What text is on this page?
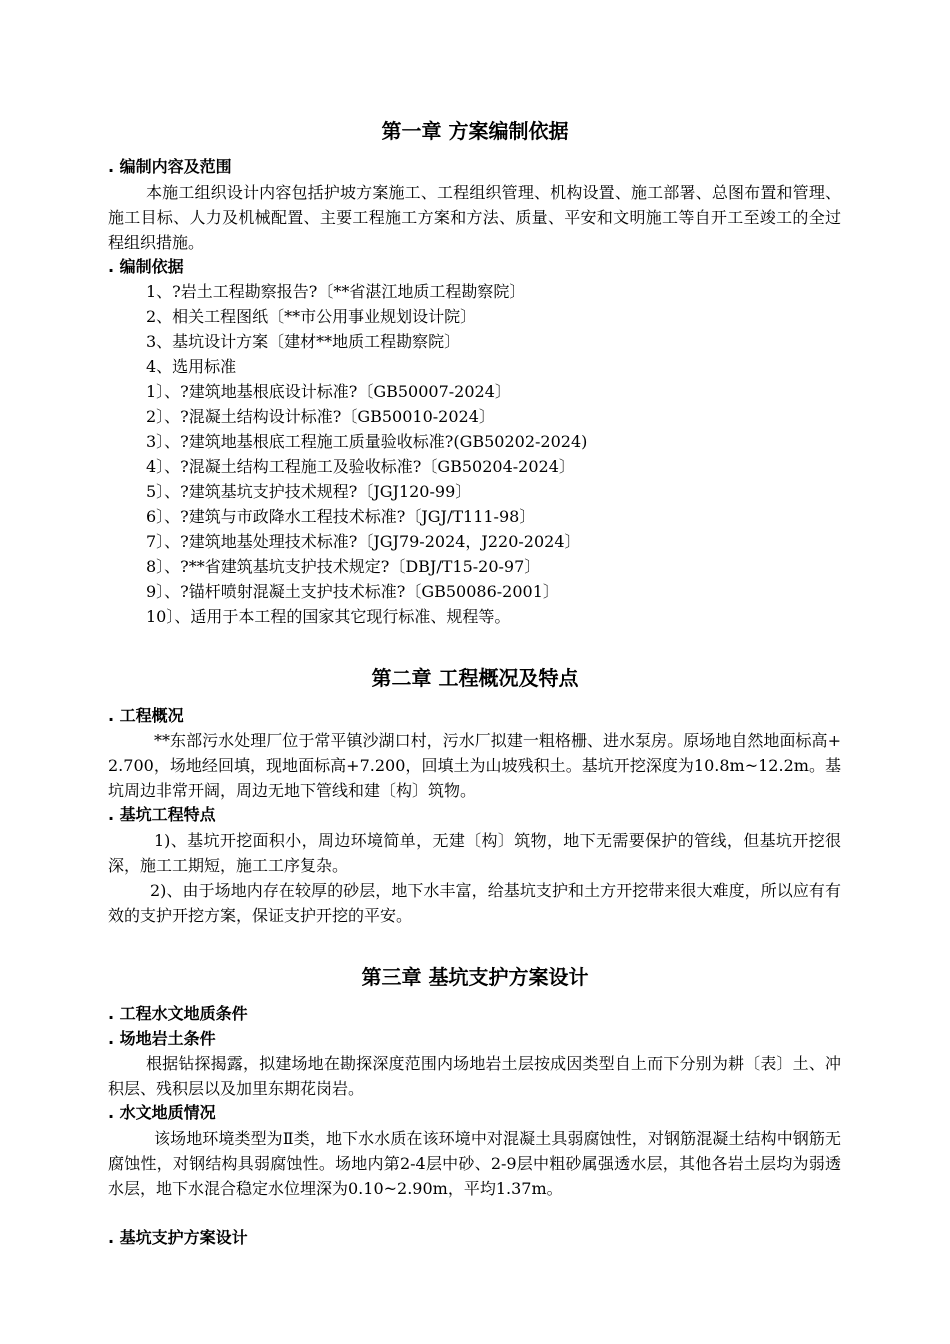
第一章 方案编制依据
. 编制内容及范围

本施工组织设计内容包括护坡方案施工、工程组织管理、机构设置、施工部署、总图布置和管理、施工目标、人力及机械配置、主要工程施工方案和方法、质量、平安和文明施工等自开工至竣工的全过程组织措施。

. 编制依据
1、?岩土工程勘察报告?〔**省湛江地质工程勘察院〕
2、相关工程图纸〔**市公用事业规划设计院〕
3、基坑设计方案〔建材**地质工程勘察院〕
4、选用标准
1〕、?建筑地基根底设计标准?〔GB50007-2024〕
2〕、?混凝土结构设计标准?〔GB50010-2024〕
3〕、?建筑地基根底工程施工质量验收标准?(GB50202-2024)
4〕、?混凝土结构工程施工及验收标准?〔GB50204-2024〕
5〕、?建筑基坑支护技术规程?〔JGJ120-99〕
6〕、?建筑与市政降水工程技术标准?〔JGJ/T111-98〕
7〕、?建筑地基处理技术标准?〔JGJ79-2024，J220-2024〕
8〕、?**省建筑基坑支护技术规定?〔DBJ/T15-20-97〕
9〕、?锚杆喷射混凝土支护技术标准?〔GB50086-2001〕
10〕、适用于本工程的国家其它现行标准、规程等。
第二章 工程概况及特点
. 工程概况

**东部污水处理厂位于常平镇沙湖口村，污水厂拟建一粗格栅、进水泵房。原场地自然地面标高+2.700，场地经回填，现地面标高+7.200，回填土为山坡残积土。基坑开挖深度为10.8m~12.2m。基坑周边非常开阔，周边无地下管线和建〔构〕筑物。

. 基坑工程特点

1)、基坑开挖面积小，周边环境简单，无建〔构〕筑物，地下无需要保护的管线，但基坑开挖很深，施工工期短，施工工序复杂。

2)、由于场地内存在较厚的砂层，地下水丰富，给基坑支护和土方开挖带来很大难度，所以应有有效的支护开挖方案，保证支护开挖的平安。

第三章 基坑支护方案设计
. 工程水文地质条件
. 场地岩土条件

根据钻探揭露，拟建场地在勘探深度范围内场地岩土层按成因类型自上而下分别为耕〔表〕土、冲积层、残积层以及加里东期花岗岩。

. 水文地质情况

该场地环境类型为Ⅱ类，地下水水质在该环境中对混凝土具弱腐蚀性，对钢筋混凝土结构中钢筋无腐蚀性，对钢结构具弱腐蚀性。场地内第2-4层中砂、2-9层中粗砂属强透水层，其他各岩土层均为弱透水层，地下水混合稳定水位埋深为0.10~2.90m，平均1.37m。

. 基坑支护方案设计
